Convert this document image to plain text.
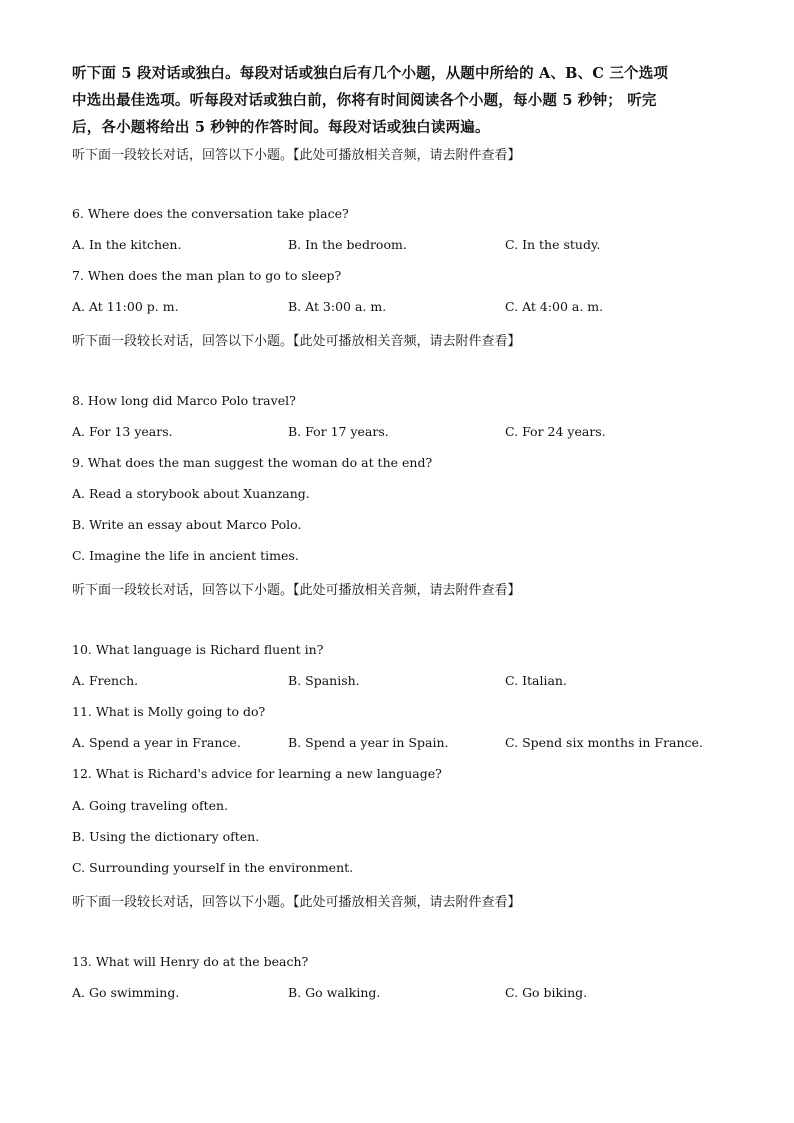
听下面 5 段对话或独白。每段对话或独白后有几个小题，从题中所给的 A、B、C 三个选项
中选出最佳选项。听每段对话或独白前，你将有时间阅读各个小题，每小题 5 秒钟； 听完
后，各小题将给出 5 秒钟的作答时间。每段对话或独白读两遍。
听下面一段较长对话，回答以下小题。【此处可播放相关音频，请去附件查看】
6. Where does the conversation take place?
A. In the kitchen.	B. In the bedroom.	C. In the study.
7. When does the man plan to go to sleep?
A. At 11:00 p. m.	B. At 3:00 a. m.	C. At 4:00 a. m.
听下面一段较长对话，回答以下小题。【此处可播放相关音频，请去附件查看】
8. How long did Marco Polo travel?
A. For 13 years.	B. For 17 years.	C. For 24 years.
9. What does the man suggest the woman do at the end?
A. Read a storybook about Xuanzang.
B. Write an essay about Marco Polo.
C. Imagine the life in ancient times.
听下面一段较长对话，回答以下小题。【此处可播放相关音频，请去附件查看】
10. What language is Richard fluent in?
A. French.	B. Spanish.	C. Italian.
11. What is Molly going to do?
A. Spend a year in France.	B. Spend a year in Spain.	C. Spend six months in France.
12. What is Richard's advice for learning a new language?
A. Going traveling often.
B. Using the dictionary often.
C. Surrounding yourself in the environment.
听下面一段较长对话，回答以下小题。【此处可播放相关音频，请去附件查看】
13. What will Henry do at the beach?
A. Go swimming.	B. Go walking.	C. Go biking.
